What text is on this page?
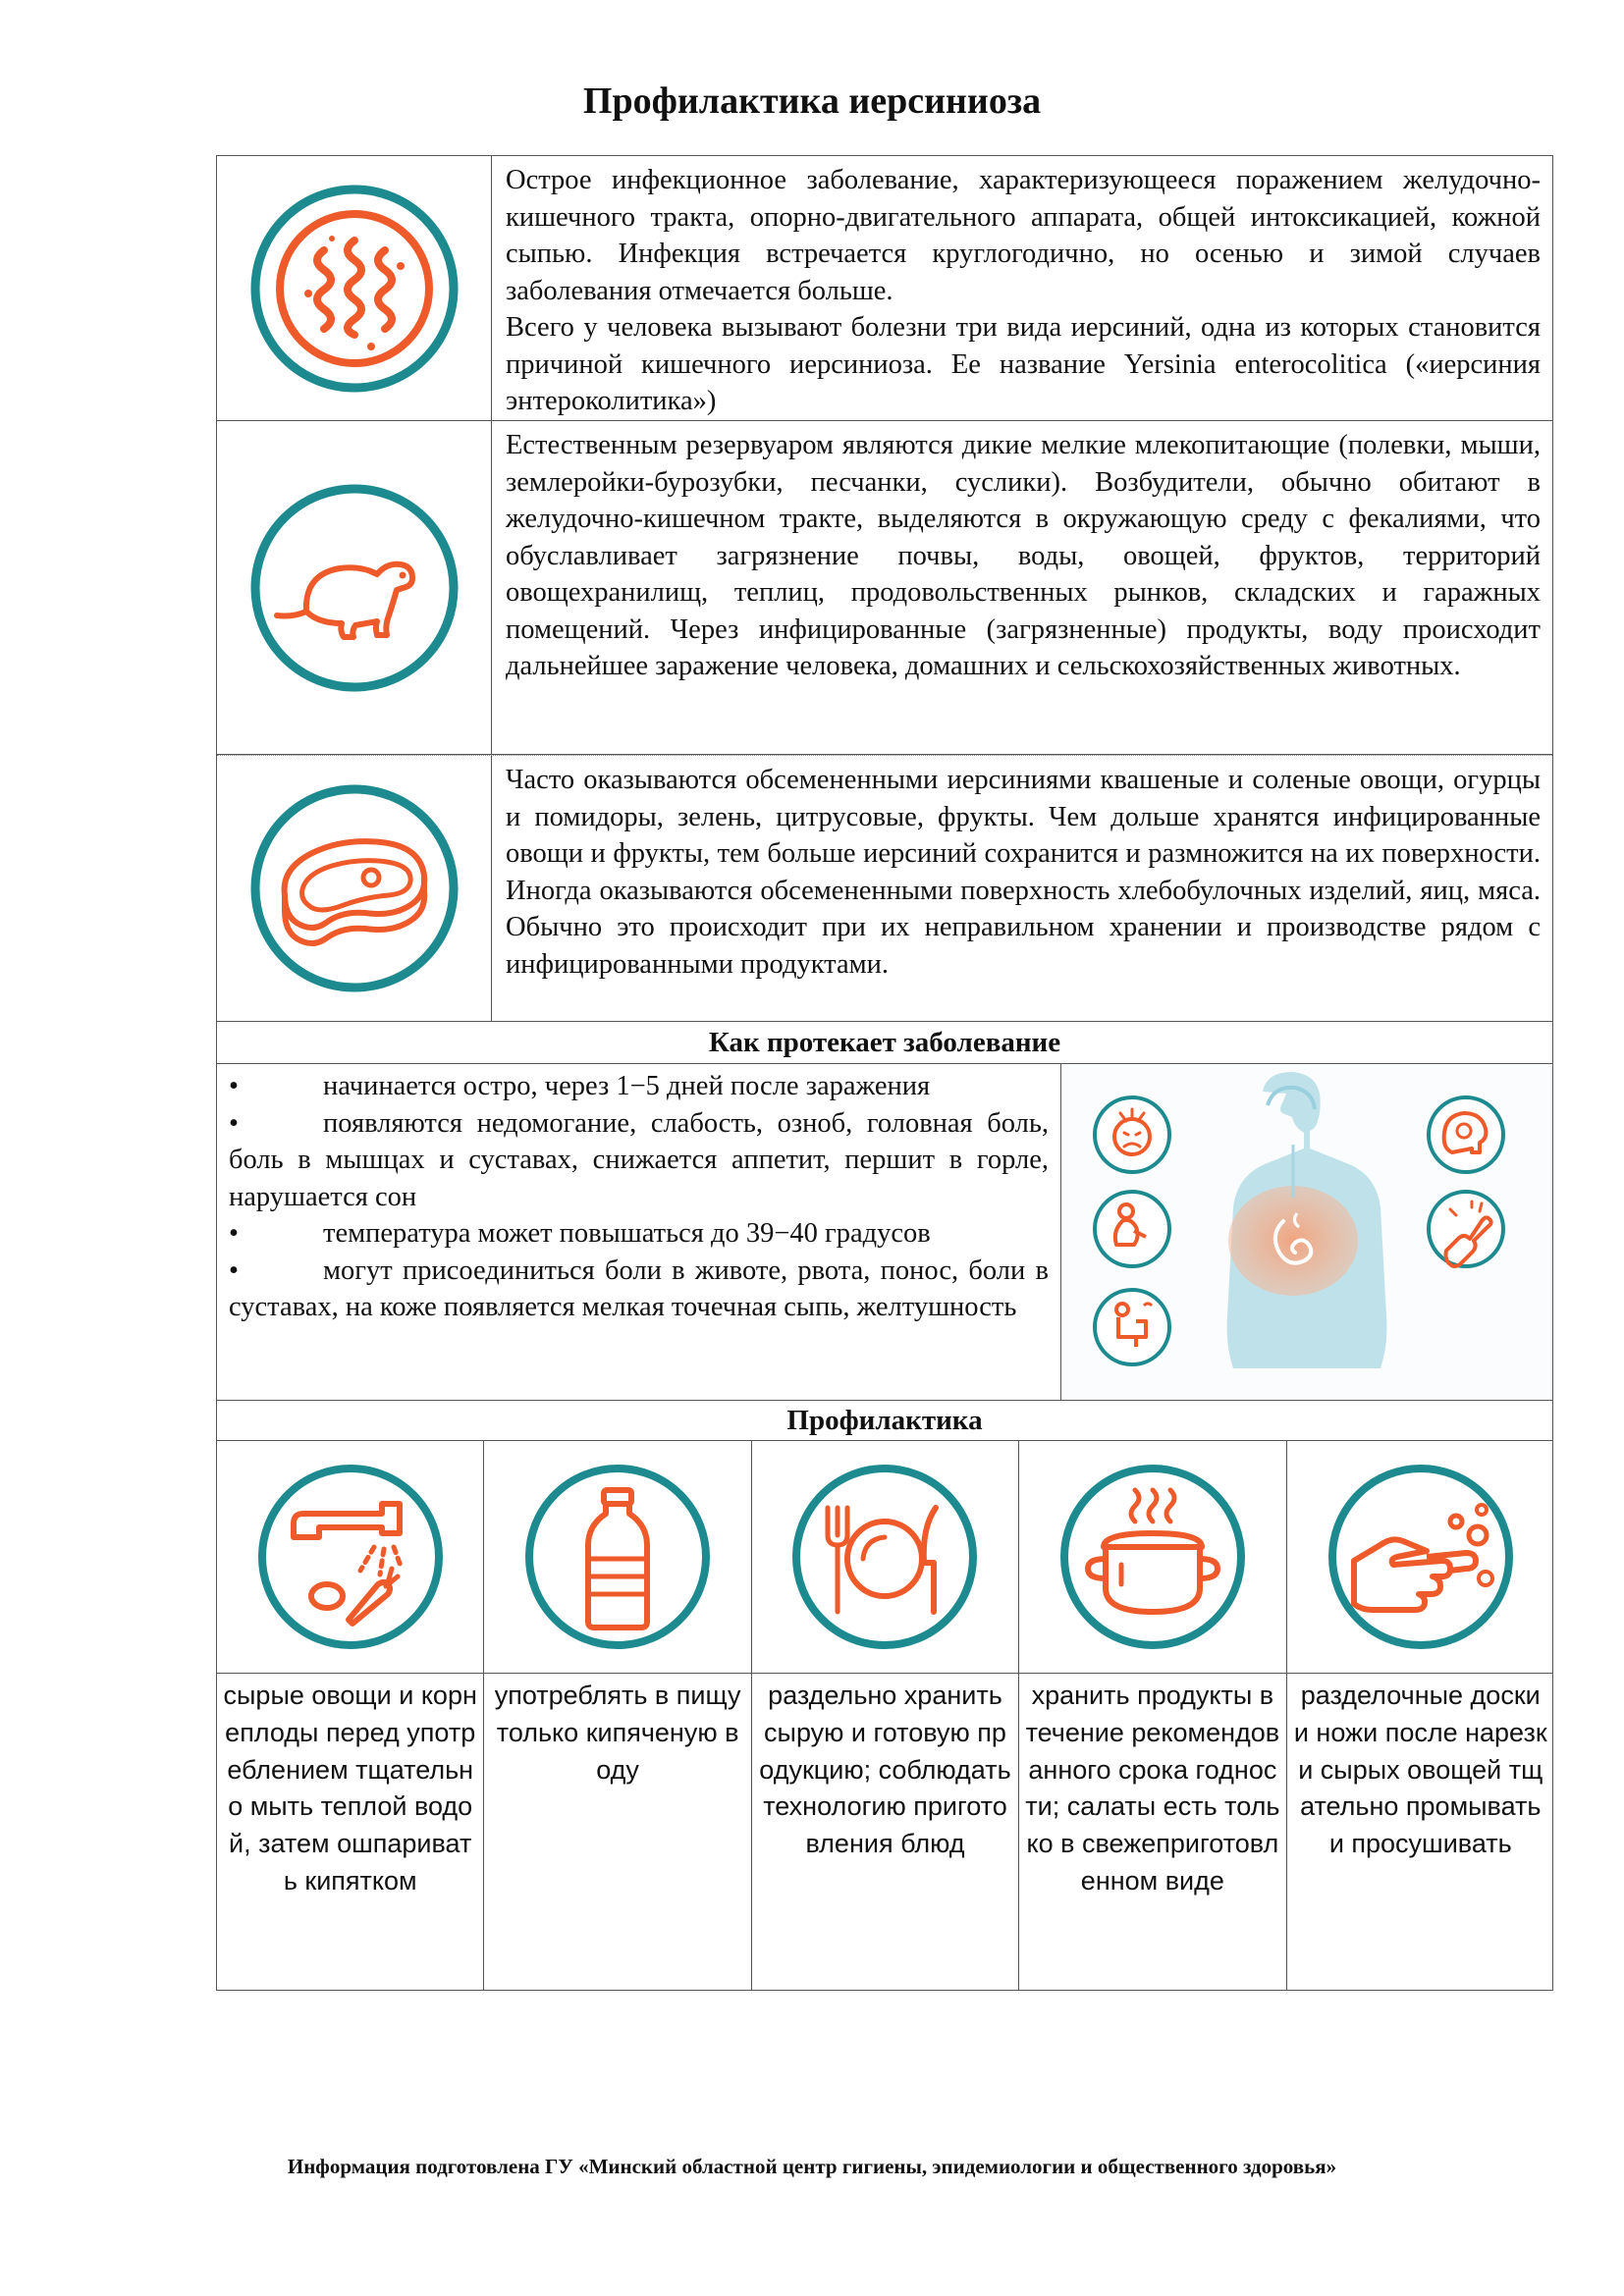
Профилактика иерсиниоза

Острое инфекционное заболевание, характеризующееся поражением желудочно-кишечного тракта, опорно-двигательного аппарата, общей интоксикацией, кожной сыпью. Инфекция встречается круглогодично, но осенью и зимой случаев заболевания отмечается больше.

Всего у человека вызывают болезни три вида иерсиний, одна из которых становится причиной кишечного иерсиниоза. Ее название Yersinia enterocolitica («иерсиния энтероколитика»)

Естественным резервуаром являются дикие мелкие млекопитающие (полевки, мыши, землеройки-бурозубки, песчанки, суслики). Возбудители, обычно обитают в желудочно-кишечном тракте, выделяются в окружающую среду с фекалиями, что обуславливает загрязнение почвы, воды, овощей, фруктов, территорий овощехранилищ, теплиц, продовольственных рынков, складских и гаражных помещений. Через инфицированные (загрязненные) продукты, воду происходит дальнейшее заражение человека, домашних и сельскохозяйственных животных.

Часто оказываются обсемененными иерсиниями квашеные и соленые овощи, огурцы и помидоры, зелень, цитрусовые, фрукты. Чем дольше хранятся инфицированные овощи и фрукты, тем больше иерсиний сохранится и размножится на их поверхности. Иногда оказываются обсемененными поверхность хлебобулочных изделий, яиц, мяса. Обычно это происходит при их неправильном хранении и производстве рядом с инфицированными продуктами.

Как протекает заболевание
•	начинается остро, через 1−5 дней после заражения
•	появляются недомогание, слабость, озноб, головная боль, боль в мышцах и суставах, снижается аппетит, першит в горле, нарушается сон
•	температура может повышаться до 39−40 градусов
•	могут присоединиться боли в животе, рвота, понос, боли в суставах, на коже появляется мелкая точечная сыпь, желтушность
Профилактика
сырые овощи и корнеплоды перед употреблением тщательно мыть теплой водой, затем ошпаривать кипятком
употреблять в пищу только кипяченую воду
раздельно хранить сырую и готовую продукцию; соблюдать технологию приготовления блюд
хранить продукты в течение рекомендованного срока годности; салаты есть только в свежеприготовленном виде
разделочные доски и ножи после нарезки сырых овощей тщательно промывать и просушивать
Информация подготовлена ГУ «Минский областной центр гигиены, эпидемиологии и общественного здоровья»
